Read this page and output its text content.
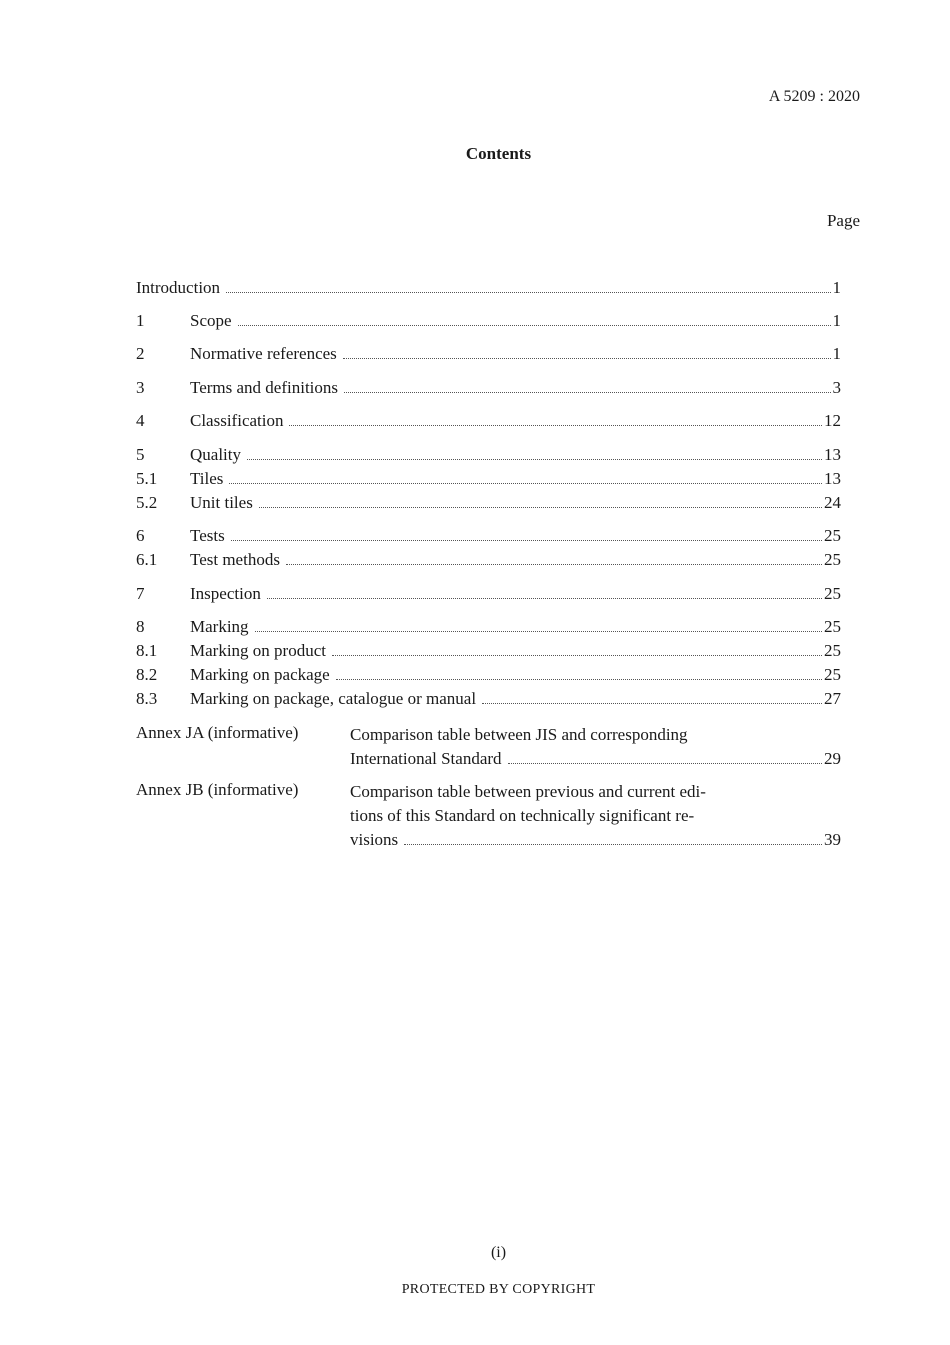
A 5209 : 2020
Contents
Page
Introduction	1
1	Scope	1
2	Normative references	1
3	Terms and definitions	3
4	Classification	12
5	Quality	13
5.1	Tiles	13
5.2	Unit tiles	24
6	Tests	25
6.1	Test methods	25
7	Inspection	25
8	Marking	25
8.1	Marking on product	25
8.2	Marking on package	25
8.3	Marking on package, catalogue or manual	27
Annex JA (informative)	Comparison table between JIS and corresponding
International Standard	29
Annex JB (informative)	Comparison table between previous and current edi-
tions of this Standard on technically significant re-
visions	39
(i)
PROTECTED BY COPYRIGHT
